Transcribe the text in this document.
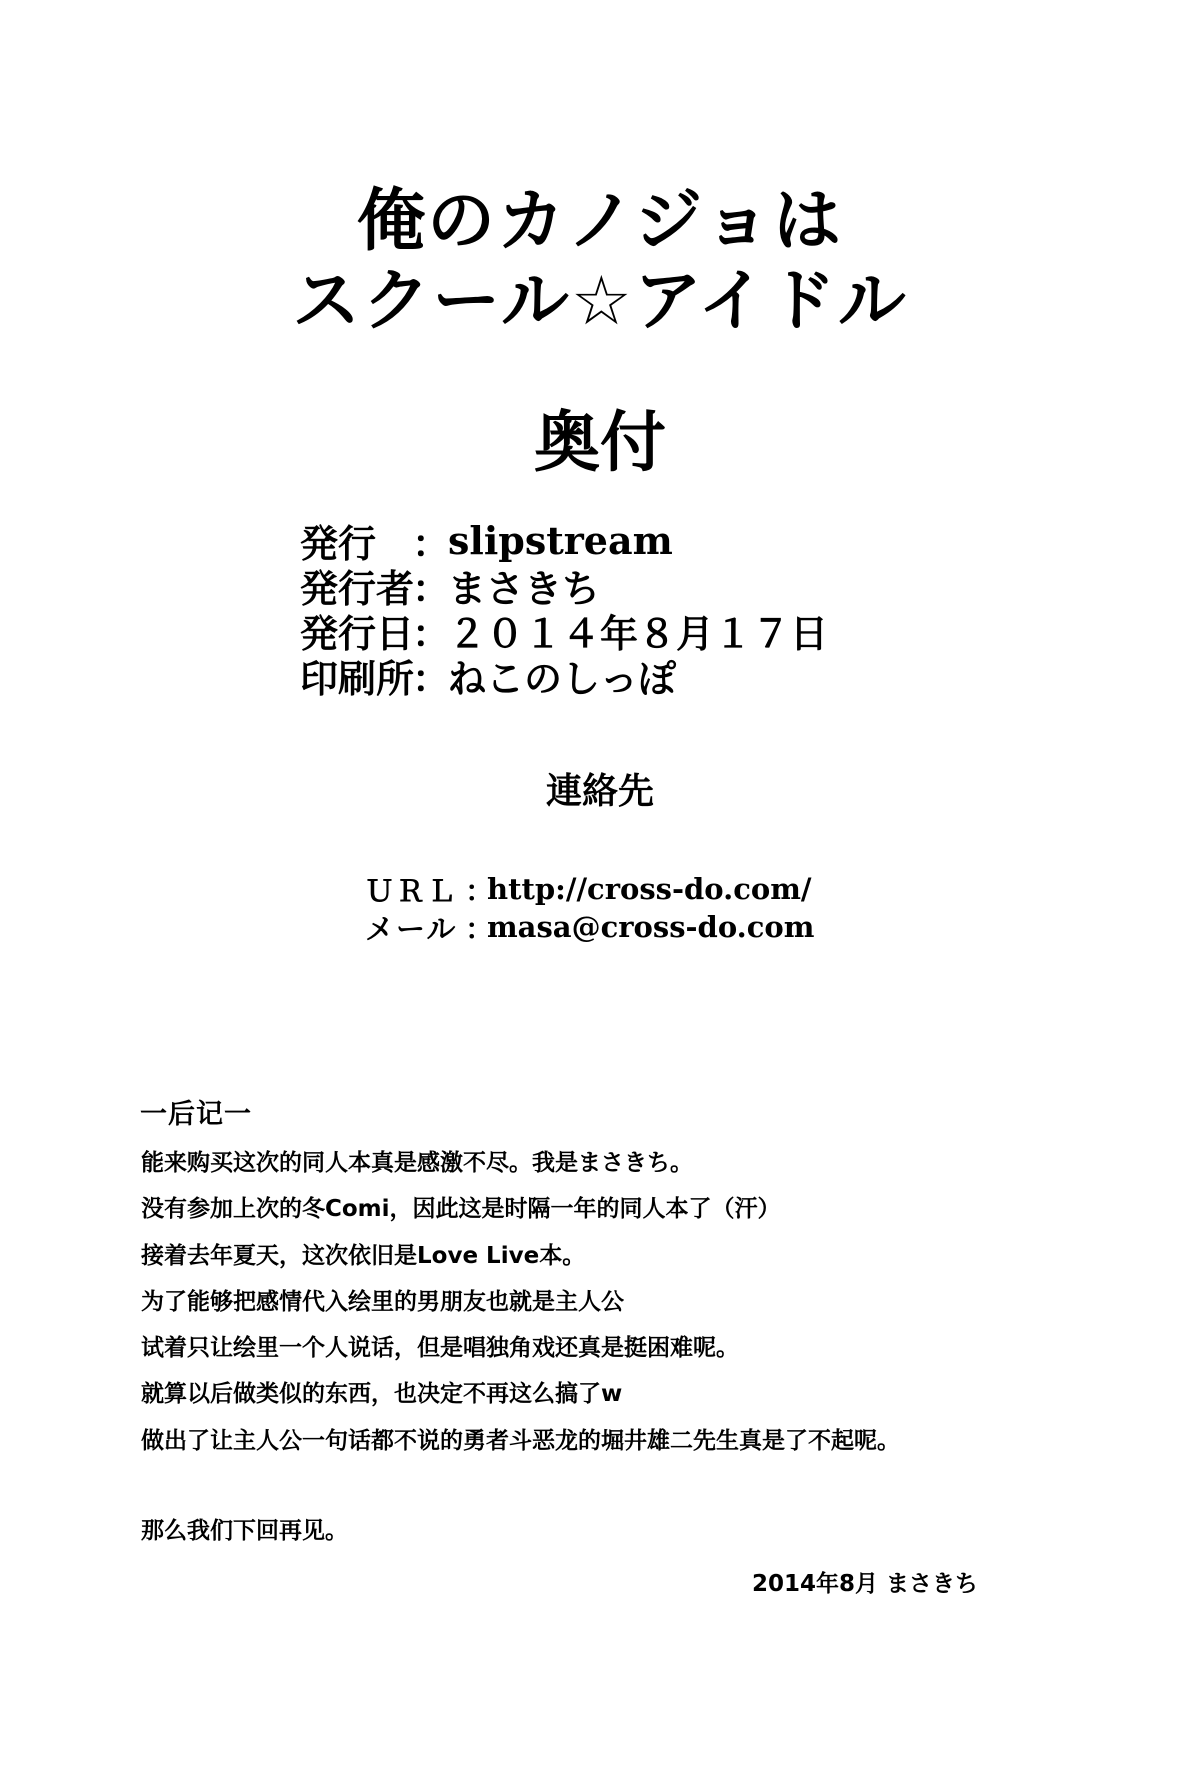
俺のカノジョは
スクール☆アイドル
奥付
発行　
：
slipstream
発行者
：
まさきち
発行日
：
２０１４年８月１７日
印刷所
：
ねこのしっぽ
連絡先
ＵＲＬ ：
http://cross-do.com/
メール ：
masa@cross-do.com
一后记一
能来购买这次的同人本真是感激不尽。我是まさきち。
没有参加上次的冬Comi，因此这是时隔一年的同人本了（汗）
接着去年夏天，这次依旧是Love Live本。
为了能够把感情代入绘里的男朋友也就是主人公
试着只让绘里一个人说话，但是唱独角戏还真是挺困难呢。
就算以后做类似的东西，也决定不再这么搞了w
做出了让主人公一句话都不说的勇者斗恶龙的堀井雄二先生真是了不起呢。
那么我们下回再见。
2014年8月 まさきち
